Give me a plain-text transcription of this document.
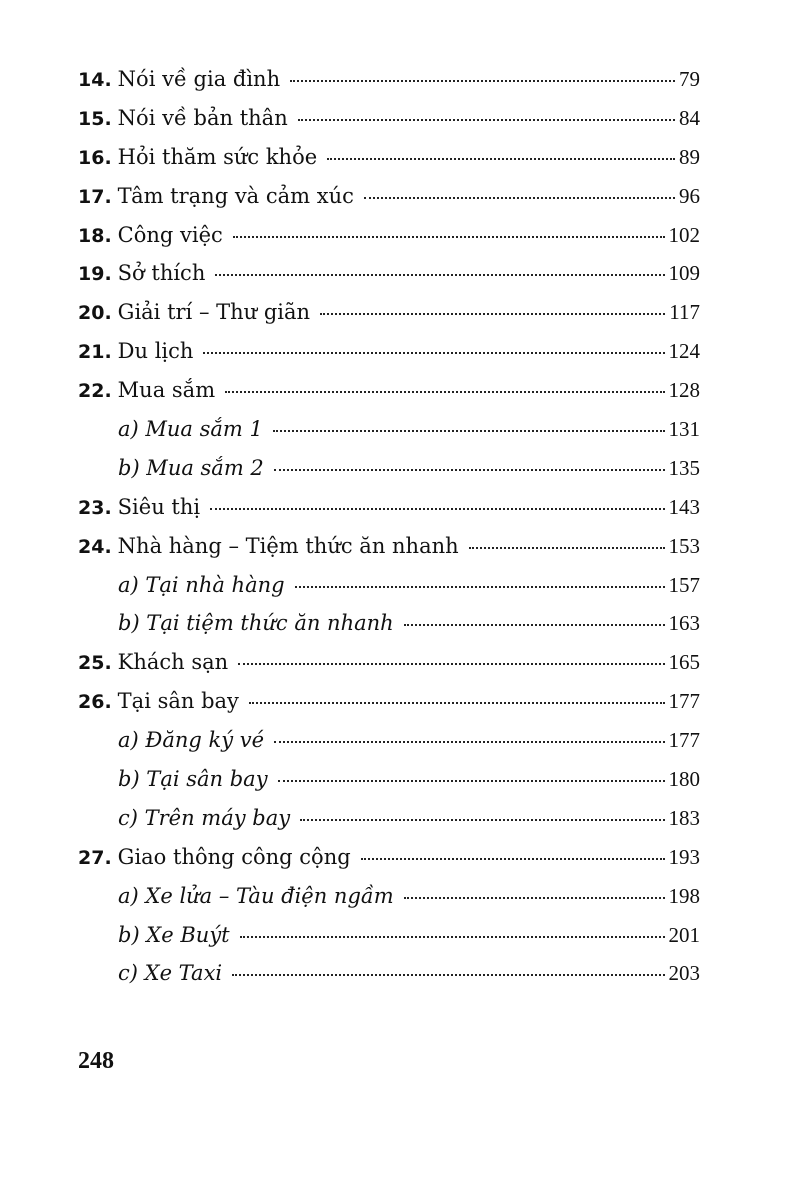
14. Nói về gia đình	79
15. Nói về bản thân	84
16. Hỏi thăm sức khỏe	89
17. Tâm trạng và cảm xúc	96
18. Công việc	102
19. Sở thích	109
20. Giải trí – Thư giãn	117
21. Du lịch	124
22. Mua sắm	128
a) Mua sắm 1	131
b) Mua sắm 2	135
23. Siêu thị	143
24. Nhà hàng – Tiệm thức ăn nhanh	153
a) Tại nhà hàng	157
b) Tại tiệm thức ăn nhanh	163
25. Khách sạn	165
26. Tại sân bay	177
a) Đăng ký vé	177
b) Tại sân bay	180
c) Trên máy bay	183
27. Giao thông công cộng	193
a) Xe lửa – Tàu điện ngầm	198
b) Xe Buýt	201
c) Xe Taxi	203
248
